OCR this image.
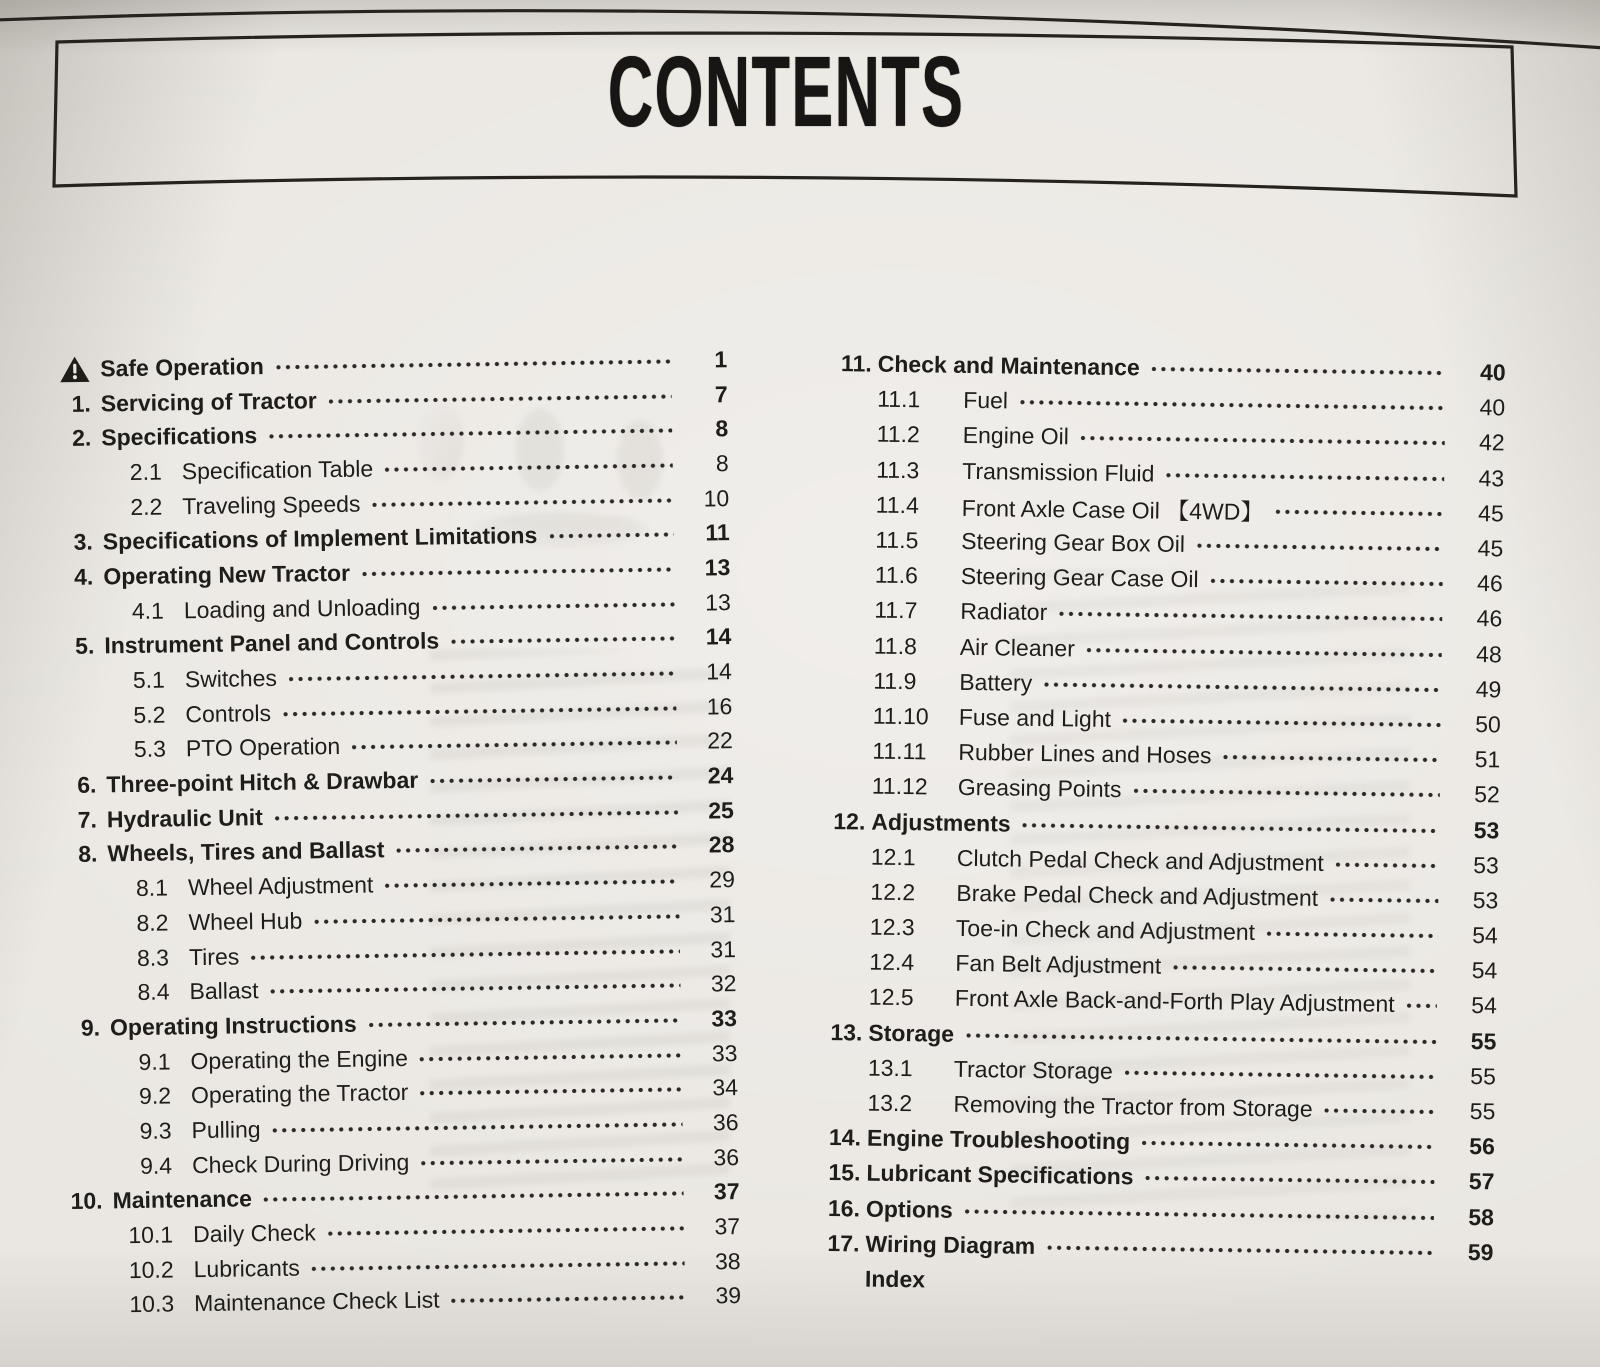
CONTENTS
Safe Operation	1
1. Servicing of Tractor	7
2. Specifications	8
2.1 Specification Table	8
2.2 Traveling Speeds	10
3. Specifications of Implement Limitations	11
4. Operating New Tractor	13
4.1 Loading and Unloading	13
5. Instrument Panel and Controls	14
5.1 Switches	14
5.2 Controls	16
5.3 PTO Operation	22
6. Three-point Hitch & Drawbar	24
7. Hydraulic Unit	25
8. Wheels, Tires and Ballast	28
8.1 Wheel Adjustment	29
8.2 Wheel Hub	31
8.3 Tires	31
8.4 Ballast	32
9. Operating Instructions	33
9.1 Operating the Engine	33
9.2 Operating the Tractor	34
9.3 Pulling	36
9.4 Check During Driving	36
10. Maintenance	37
10.1 Daily Check	37
10.2 Lubricants	38
10.3 Maintenance Check List	39
11. Check and Maintenance	40
11.1	Fuel	40
11.2	Engine Oil	42
11.3	Transmission Fluid	43
11.4	Front Axle Case Oil 【4WD】	45
11.5	Steering Gear Box Oil	45
11.6	Steering Gear Case Oil	46
11.7	Radiator	46
11.8	Air Cleaner	48
11.9	Battery	49
11.10	Fuse and Light	50
11.11	Rubber Lines and Hoses	51
11.12	Greasing Points	52
12. Adjustments	53
12.1	Clutch Pedal Check and Adjustment	53
12.2	Brake Pedal Check and Adjustment	53
12.3	Toe-in Check and Adjustment	54
12.4	Fan Belt Adjustment	54
12.5	Front Axle Back-and-Forth Play Adjustment	54
13. Storage	55
13.1	Tractor Storage	55
13.2	Removing the Tractor from Storage	55
14. Engine Troubleshooting	56
15. Lubricant Specifications	57
16. Options	58
17. Wiring Diagram	59
Index
